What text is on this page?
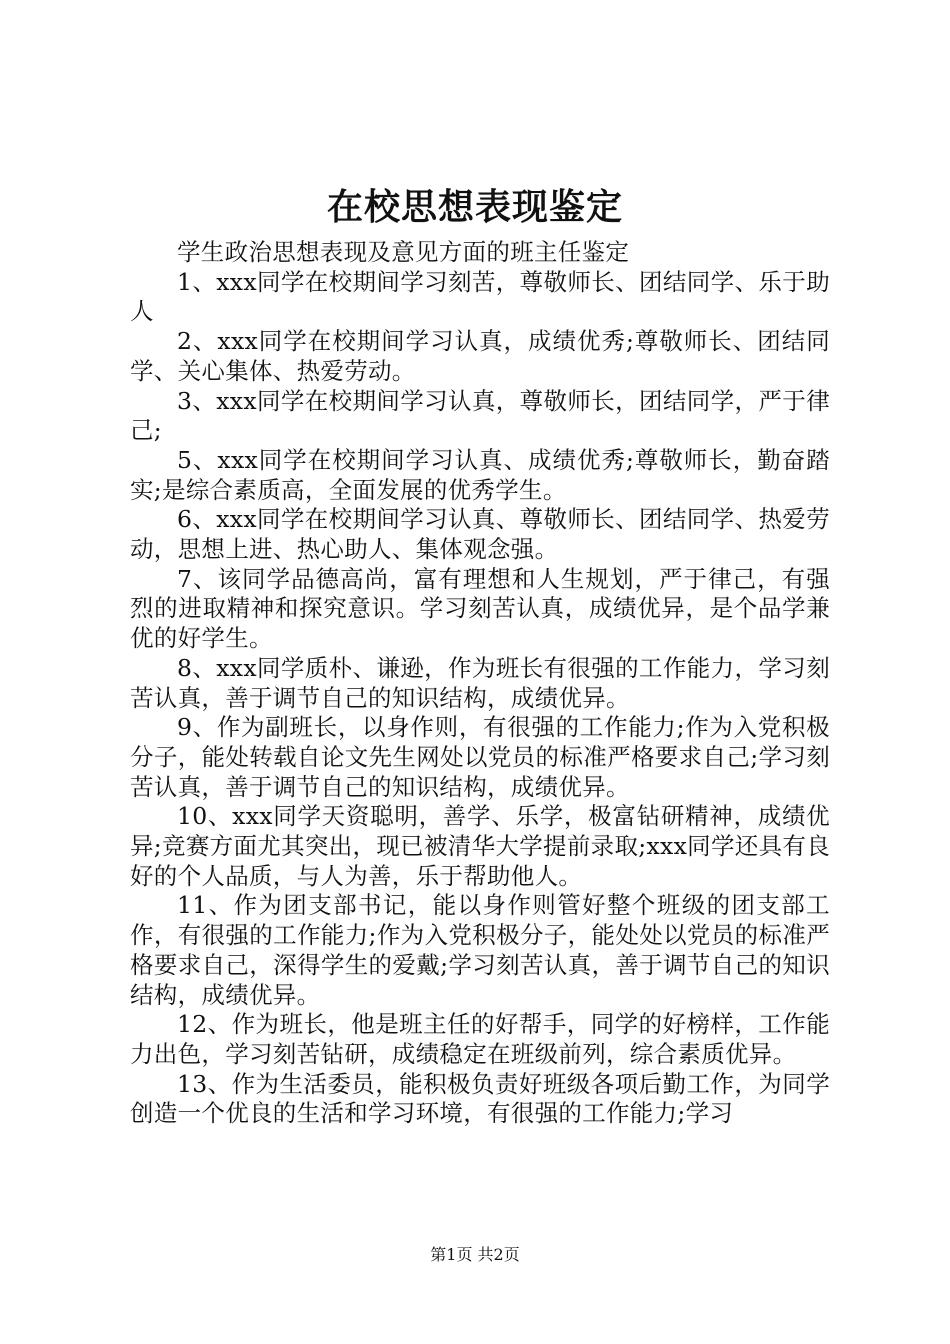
在校思想表现鉴定

学生政治思想表现及意见方面的班主任鉴定

1、xxx同学在校期间学习刻苦，尊敬师长、团结同学、乐于助人

2、xxx同学在校期间学习认真，成绩优秀;尊敬师长、团结同学、关心集体、热爱劳动。

3、xxx同学在校期间学习认真，尊敬师长，团结同学，严于律己;

5、xxx同学在校期间学习认真、成绩优秀;尊敬师长，勤奋踏实;是综合素质高，全面发展的优秀学生。

6、xxx同学在校期间学习认真、尊敬师长、团结同学、热爱劳动，思想上进、热心助人、集体观念强。

7、该同学品德高尚，富有理想和人生规划，严于律己，有强烈的进取精神和探究意识。学习刻苦认真，成绩优异，是个品学兼优的好学生。

8、xxx同学质朴、谦逊，作为班长有很强的工作能力，学习刻苦认真，善于调节自己的知识结构，成绩优异。

9、作为副班长，以身作则，有很强的工作能力;作为入党积极分子，能处转载自论文先生网处以党员的标准严格要求自己;学习刻苦认真，善于调节自己的知识结构，成绩优异。

10、xxx同学天资聪明，善学、乐学，极富钻研精神，成绩优异;竞赛方面尤其突出，现已被清华大学提前录取;xxx同学还具有良好的个人品质，与人为善，乐于帮助他人。

11、作为团支部书记，能以身作则管好整个班级的团支部工作，有很强的工作能力;作为入党积极分子，能处处以党员的标准严格要求自己，深得学生的爱戴;学习刻苦认真，善于调节自己的知识结构，成绩优异。

12、作为班长，他是班主任的好帮手，同学的好榜样，工作能力出色，学习刻苦钻研，成绩稳定在班级前列，综合素质优异。

13、作为生活委员，能积极负责好班级各项后勤工作，为同学创造一个优良的生活和学习环境，有很强的工作能力;学习

第1页 共2页
